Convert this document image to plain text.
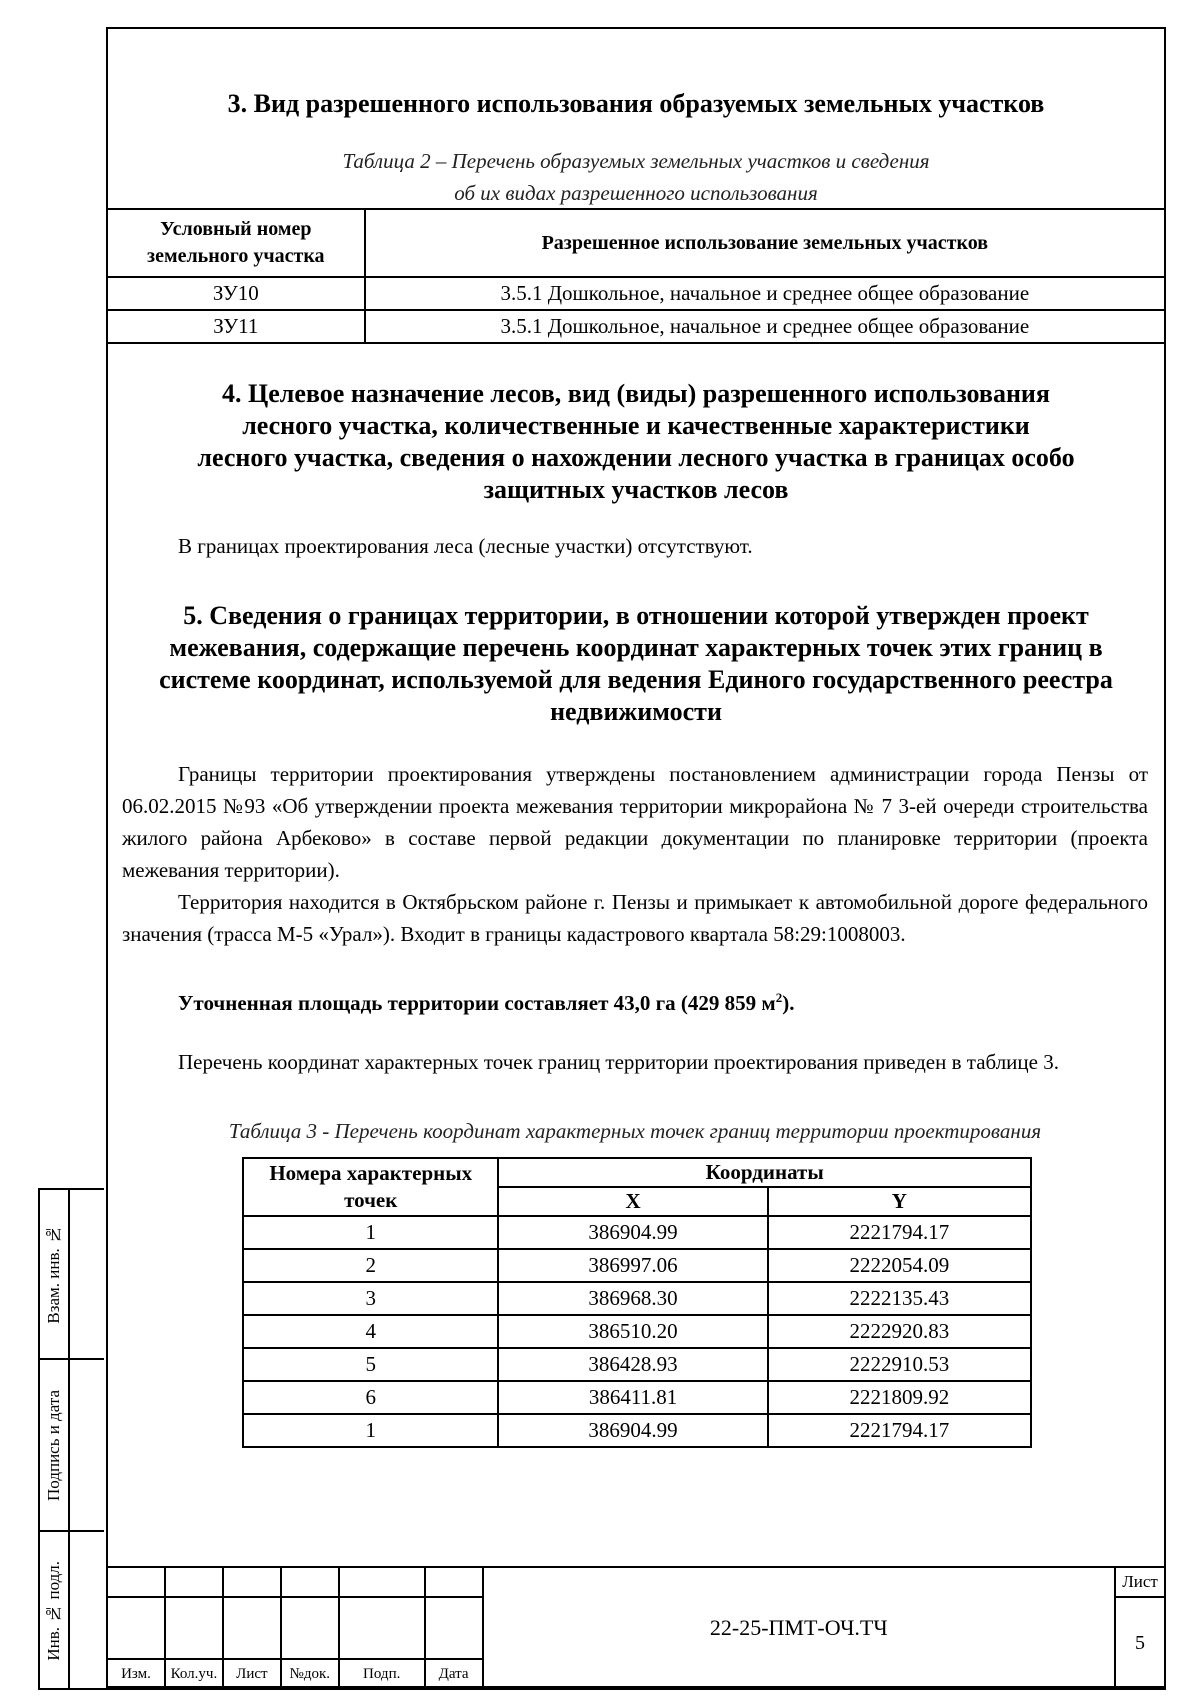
Взам. инв. №
Подпись и дата
Инв. № подл.
3. Вид разрешенного использования образуемых земельных участков
Таблица 2 – Перечень образуемых земельных участков и сведения
об их видах разрешенного использования
Условный номер земельного участка	Разрешенное использование земельных участков
ЗУ10	3.5.1 Дошкольное, начальное и среднее общее образование
ЗУ11	3.5.1 Дошкольное, начальное и среднее общее образование
4. Целевое назначение лесов, вид (виды) разрешенного использования лесного участка, количественные и качественные характеристики лесного участка, сведения о нахождении лесного участка в границах особо защитных участков лесов
В границах проектирования леса (лесные участки) отсутствуют.
5. Сведения о границах территории, в отношении которой утвержден проект межевания, содержащие перечень координат характерных точек этих границ в системе координат, используемой для ведения Единого государственного реестра недвижимости
Границы территории проектирования утверждены постановлением администрации города Пензы от 06.02.2015 №93 «Об утверждении проекта межевания территории микрорайона № 7 3-ей очереди строительства жилого района Арбеково» в составе первой редакции документации по планировке территории (проекта межевания территории).
Территория находится в Октябрьском районе г. Пензы и примыкает к автомобильной дороге федерального значения (трасса М-5 «Урал»). Входит в границы кадастрового квартала 58:29:1008003.
Уточненная площадь территории составляет 43,0 га (429 859 $м^2$).
Перечень координат характерных точек границ территории проектирования приведен в таблице 3.
Таблица 3 - Перечень координат характерных точек границ территории проектирования
Номера характерных точек	Координаты	
	X	Y
1	386904.99	2221794.17
2	386997.06	2222054.09
3	386968.30	2222135.43
4	386510.20	2222920.83
5	386428.93	2222910.53
6	386411.81	2221809.92
1	386904.99	2221794.17
						22-25-ПМТ-ОЧ.ТЧ	Лист
							5
Изм.	Кол.уч.	Лист	№док.	Подп.	Дата		
